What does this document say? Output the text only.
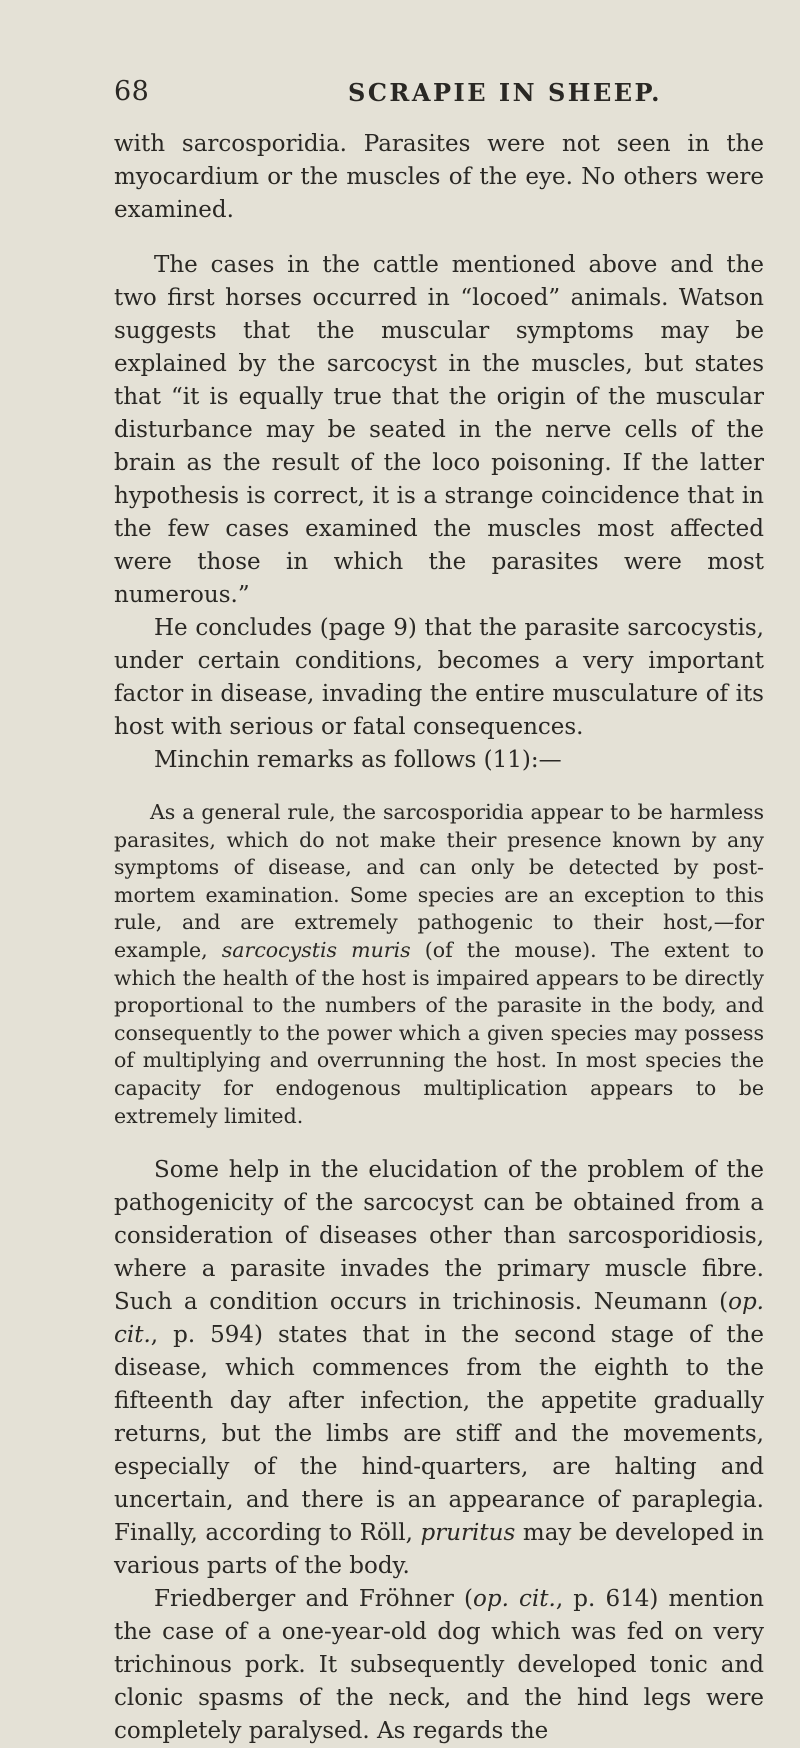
68	SCRAPIE IN SHEEP.

with sarcosporidia. Parasites were not seen in the myocardium or the muscles of the eye. No others were examined.

The cases in the cattle mentioned above and the two first horses occurred in “locoed” animals. Watson suggests that the muscular symptoms may be explained by the sarcocyst in the muscles, but states that “it is equally true that the origin of the muscular disturbance may be seated in the nerve cells of the brain as the result of the loco poisoning. If the latter hypothesis is correct, it is a strange coincidence that in the few cases examined the muscles most affected were those in which the parasites were most numerous.”

He concludes (page 9) that the parasite sarcocystis, under certain conditions, becomes a very important factor in disease, invading the entire musculature of its host with serious or fatal consequences.

Minchin remarks as follows (11):—

As a general rule, the sarcosporidia appear to be harmless parasites, which do not make their presence known by any symptoms of disease, and can only be detected by post-mortem examination. Some species are an exception to this rule, and are extremely pathogenic to their host,—for example, sarcocystis muris (of the mouse). The extent to which the health of the host is impaired appears to be directly proportional to the numbers of the parasite in the body, and consequently to the power which a given species may possess of multiplying and overrunning the host. In most species the capacity for endogenous multiplication appears to be extremely limited.

Some help in the elucidation of the problem of the pathogenicity of the sarcocyst can be obtained from a consideration of diseases other than sarcosporidiosis, where a parasite invades the primary muscle fibre. Such a condition occurs in trichinosis. Neumann (op. cit., p. 594) states that in the second stage of the disease, which commences from the eighth to the fifteenth day after infection, the appetite gradually returns, but the limbs are stiff and the movements, especially of the hind-quarters, are halting and uncertain, and there is an appearance of paraplegia. Finally, according to Röll, pruritus may be developed in various parts of the body.

Friedberger and Fröhner (op. cit., p. 614) mention the case of a one-year-old dog which was fed on very trichinous pork. It subsequently developed tonic and clonic spasms of the neck, and the hind legs were completely paralysed. As regards the
